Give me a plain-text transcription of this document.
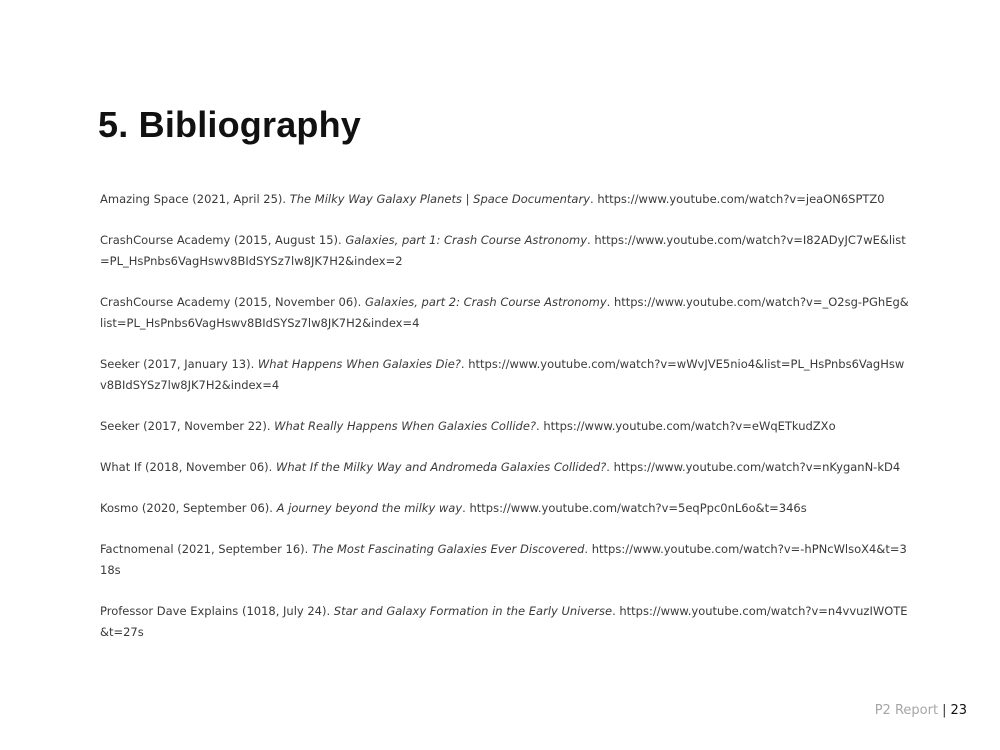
5. Bibliography
Amazing Space (2021, April 25). The Milky Way Galaxy Planets | Space Documentary. https://www.youtube.com/watch?v=jeaON6SPTZ0
CrashCourse Academy (2015, August 15). Galaxies, part 1: Crash Course Astronomy. https://www.youtube.com/watch?v=I82ADyJC7wE&list=PL_HsPnbs6VagHswv8BIdSYSz7lw8JK7H2&index=2
CrashCourse Academy (2015, November 06). Galaxies, part 2: Crash Course Astronomy. https://www.youtube.com/watch?v=_O2sg-PGhEg&list=PL_HsPnbs6VagHswv8BIdSYSz7lw8JK7H2&index=4
Seeker (2017, January 13). What Happens When Galaxies Die?. https://www.youtube.com/watch?v=wWvJVE5nio4&list=PL_HsPnbs6VagHswv8BIdSYSz7lw8JK7H2&index=4
Seeker (2017, November 22). What Really Happens When Galaxies Collide?. https://www.youtube.com/watch?v=eWqETkudZXo
What If (2018, November 06). What If the Milky Way and Andromeda Galaxies Collided?. https://www.youtube.com/watch?v=nKyganN-kD4
Kosmo (2020, September 06). A journey beyond the milky way. https://www.youtube.com/watch?v=5eqPpc0nL6o&t=346s
Factnomenal (2021, September 16). The Most Fascinating Galaxies Ever Discovered. https://www.youtube.com/watch?v=-hPNcWlsoX4&t=318s
Professor Dave Explains (1018, July 24). Star and Galaxy Formation in the Early Universe. https://www.youtube.com/watch?v=n4vvuzIWOTE&t=27s
P2 Report | 23
